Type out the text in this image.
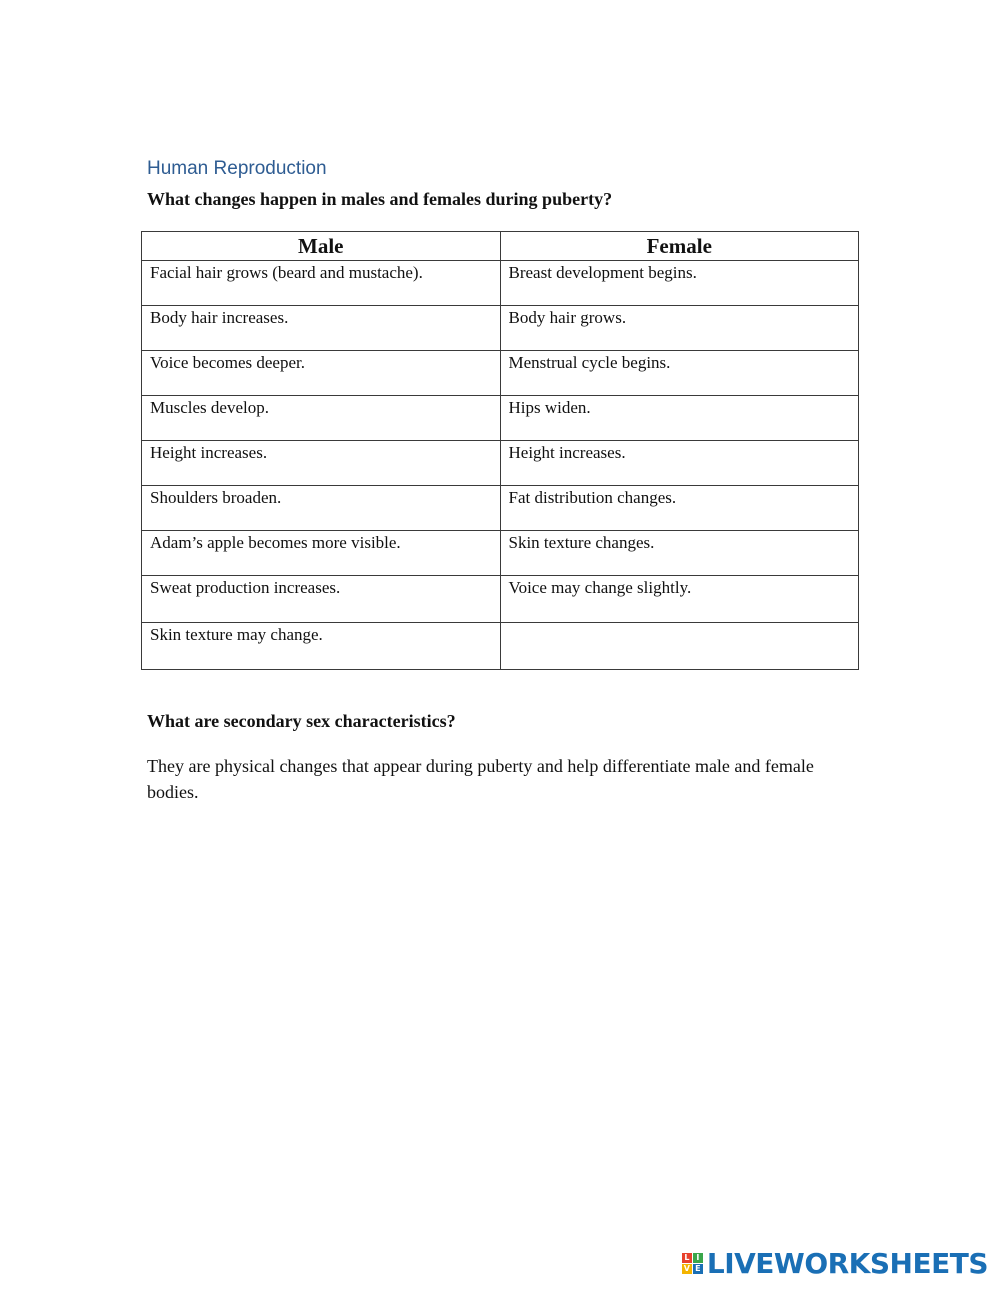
Human Reproduction

What changes happen in males and females during puberty?

Male	Female
Facial hair grows (beard and mustache).	Breast development begins.
Body hair increases.	Body hair grows.
Voice becomes deeper.	Menstrual cycle begins.
Muscles develop.	Hips widen.
Height increases.	Height increases.
Shoulders broaden.	Fat distribution changes.
Adam’s apple becomes more visible.	Skin texture changes.
Sweat production increases.	Voice may change slightly.
Skin texture may change.	

What are secondary sex characteristics?

They are physical changes that appear during puberty and help differentiate male and female bodies.

L I
V E LIVEWORKSHEETS
